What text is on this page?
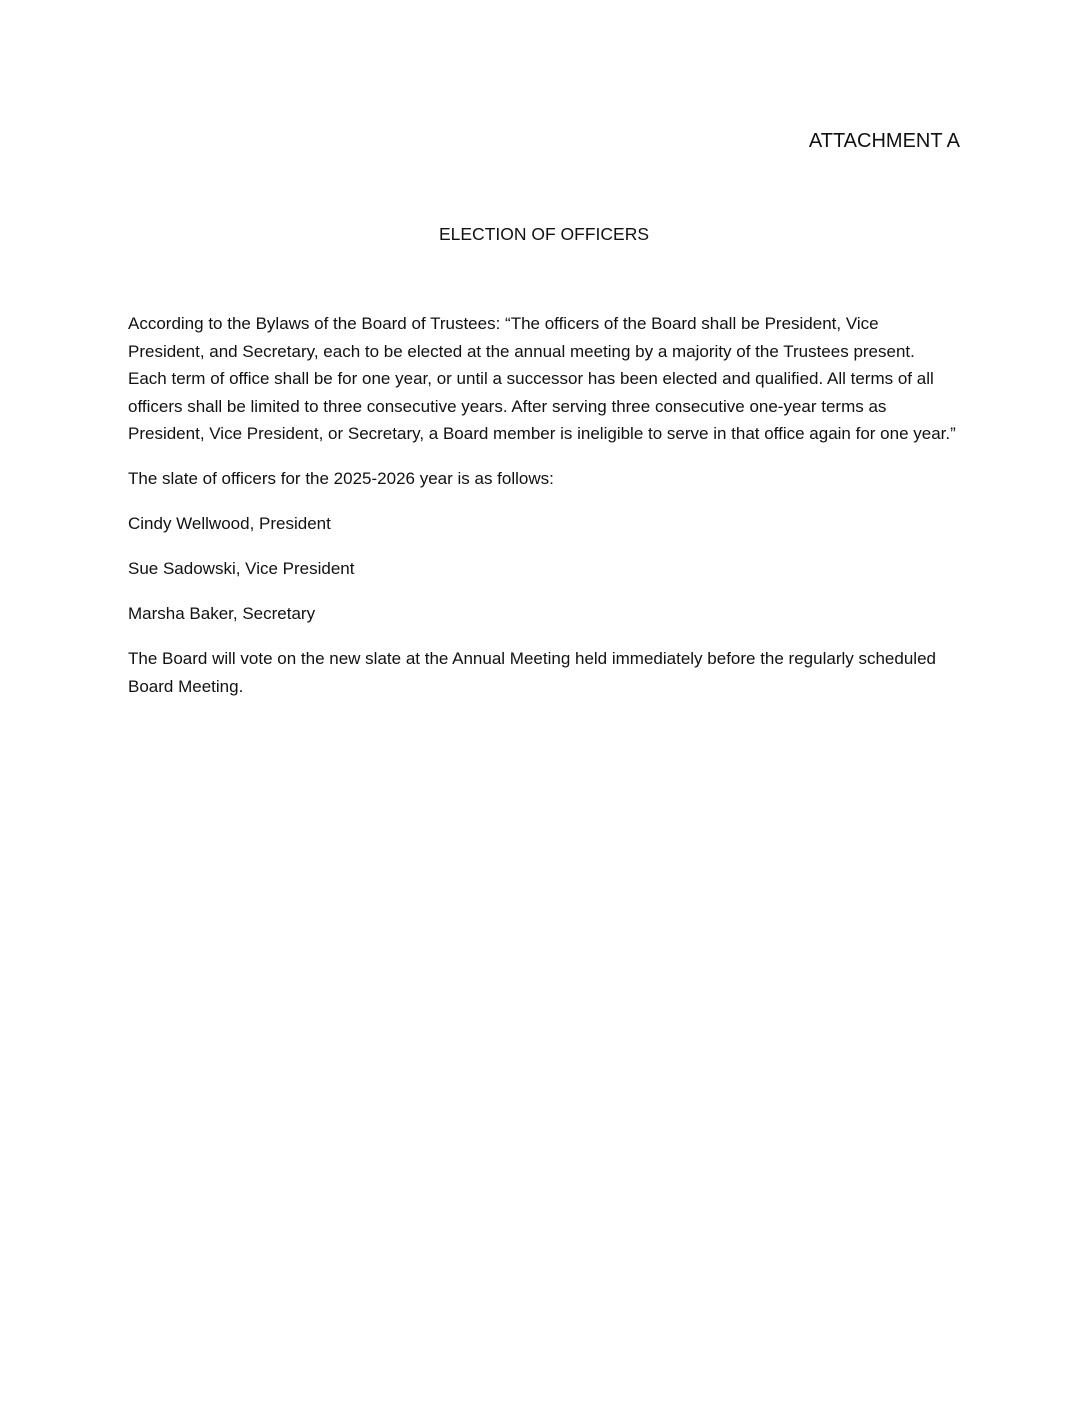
ATTACHMENT A
ELECTION OF OFFICERS

According to the Bylaws of the Board of Trustees: “The officers of the Board shall be President, Vice President, and Secretary, each to be elected at the annual meeting by a majority of the Trustees present. Each term of office shall be for one year, or until a successor has been elected and qualified. All terms of all officers shall be limited to three consecutive years. After serving three consecutive one-year terms as President, Vice President, or Secretary, a Board member is ineligible to serve in that office again for one year.”

The slate of officers for the 2025-2026 year is as follows:

Cindy Wellwood, President

Sue Sadowski, Vice President

Marsha Baker, Secretary

The Board will vote on the new slate at the Annual Meeting held immediately before the regularly scheduled Board Meeting.
